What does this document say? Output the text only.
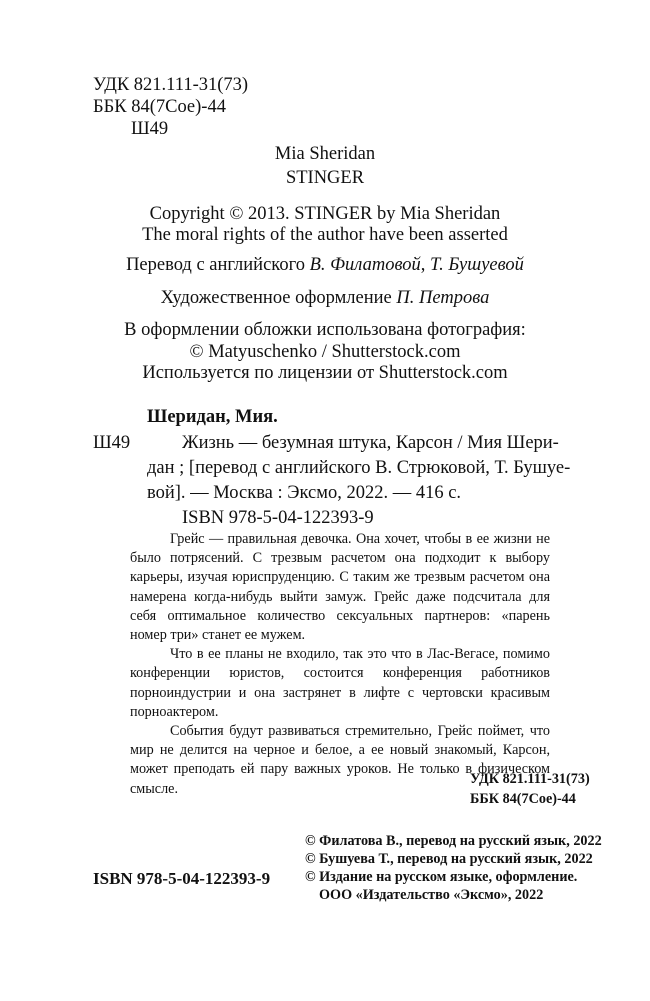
УДК 821.111-31(73)
ББК 84(7Сое)-44
Ш49
Mia Sheridan
STINGER
Copyright © 2013. STINGER by Mia Sheridan
The moral rights of the author have been asserted
Перевод с английского В. Филатовой, Т. Бушуевой
Художественное оформление П. Петрова
В оформлении обложки использована фотография:
© Matyuschenko / Shutterstock.com
Используется по лицензии от Shutterstock.com
Шеридан, Мия.
Ш49	Жизнь — безумная штука, Карсон / Мия Шери-
дан ; [перевод с английского В. Стрюковой, Т. Бушуе-
вой]. — Москва : Эксмо, 2022. — 416 с.
ISBN 978-5-04-122393-9

Грейс — правильная девочка. Она хочет, чтобы в ее жизни не было потрясений. С трезвым расчетом она подходит к выбору карьеры, изучая юриспруденцию. С таким же трезвым расчетом она намерена когда-нибудь выйти замуж. Грейс даже подсчитала для себя оптимальное количество сексуальных партнеров: «парень номер три» станет ее мужем.

Что в ее планы не входило, так это что в Лас-Вегасе, помимо конференции юристов, состоится конференция работников порноиндустрии и она застрянет в лифте с чертовски красивым порноактером.

События будут развиваться стремительно, Грейс поймет, что мир не делится на черное и белое, а ее новый знакомый, Карсон, может преподать ей пару важных уроков. Не только в физическом смысле.

УДК 821.111-31(73)
ББК 84(7Сое)-44
© Филатова В., перевод на русский язык, 2022
© Бушуева Т., перевод на русский язык, 2022
© Издание на русском языке, оформление.
ООО «Издательство «Эксмо», 2022
ISBN 978-5-04-122393-9
